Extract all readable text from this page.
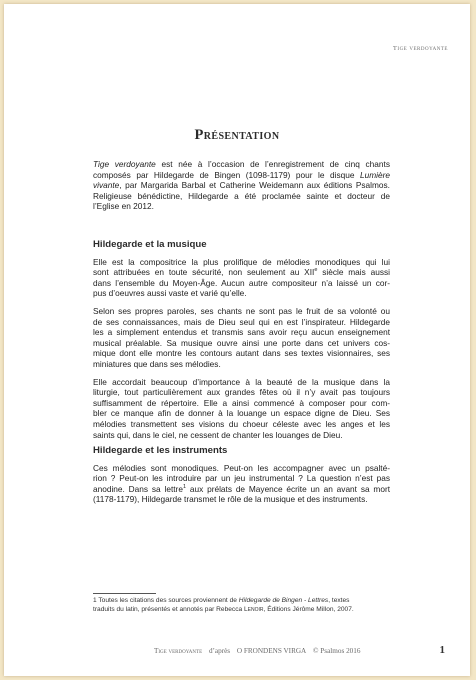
Tige verdoyante
Présentation

Tige verdoyante est née à l’occasion de l’enregistrement de cinq chants
composés par Hildegarde de Bingen (1098-1179) pour le disque Lumière
vivante, par Margarida Barbal et Catherine Weidemann aux éditions Psalmos.
Religieuse bénédictine, Hildegarde a été proclamée sainte et docteur de
l’Eglise en 2012.

Hildegarde et la musique

Elle est la compositrice la plus prolifique de mélodies monodiques qui lui
sont attribuées en toute sécurité, non seulement au XIIe siècle mais aussi
dans l’ensemble du Moyen-Âge. Aucun autre compositeur n’a laissé un cor-
pus d’oeuvres aussi vaste et varié qu’elle.

Selon ses propres paroles, ses chants ne sont pas le fruit de sa volonté ou
de ses connaissances, mais de Dieu seul qui en est l’inspirateur. Hildegarde
les a simplement entendus et transmis sans avoir reçu aucun enseignement
musical préalable. Sa musique ouvre ainsi une porte dans cet univers cos-
mique dont elle montre les contours autant dans ses textes visionnaires, ses
miniatures que dans ses mélodies.

Elle accordait beaucoup d’importance à la beauté de la musique dans la
liturgie, tout particulièrement aux grandes fêtes où il n’y avait pas toujours
suffisamment de répertoire. Elle a ainsi commencé à composer pour com-
bler ce manque afin de donner à la louange un espace digne de Dieu. Ses
mélodies transmettent ses visions du choeur céleste avec les anges et les
saints qui, dans le ciel, ne cessent de chanter les louanges de Dieu.

Hildegarde et les instruments

Ces mélodies sont monodiques. Peut-on les accompagner avec un psalté-
rion ? Peut-on les introduire par un jeu instrumental ? La question n’est pas
anodine. Dans sa lettre$^1$ aux prélats de Mayence écrite un an avant sa mort
(1178-1179), Hildegarde transmet le rôle de la musique et des instruments.

1 Toutes les citations des sources proviennent de Hildegarde de Bingen - Lettres, textes
traduits du latin, présentés et annotés par Rebecca Lenoir, Éditions Jérôme Millon, 2007.
Tige verdoyante d’après O FRONDENS VIRGA © Psalmos 2016	1
